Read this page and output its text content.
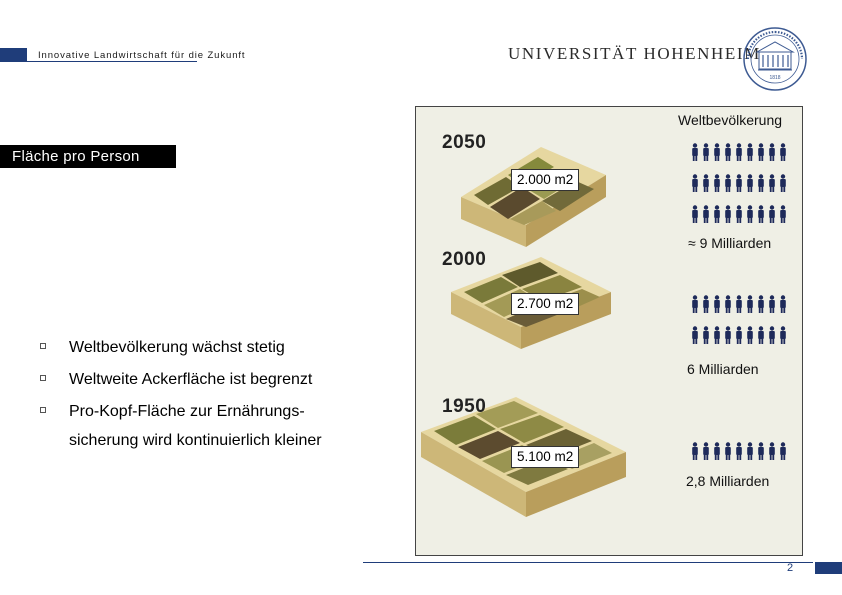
Innovative Landwirtschaft für die Zukunft	UNIVERSITÄT HOHENHEIM
1818
Fläche pro Person
Weltbevölkerung wächst stetig
Weltweite Ackerfläche ist begrenzt
Pro-Kopf-Fläche zur Ernährungs-
sicherung wird kontinuierlich kleiner
Weltbevölkerung
2050
2.000 m2
≈ 9 Milliarden
2000
2.700 m2
6 Milliarden
1950
5.100 m2
2,8 Milliarden
2
